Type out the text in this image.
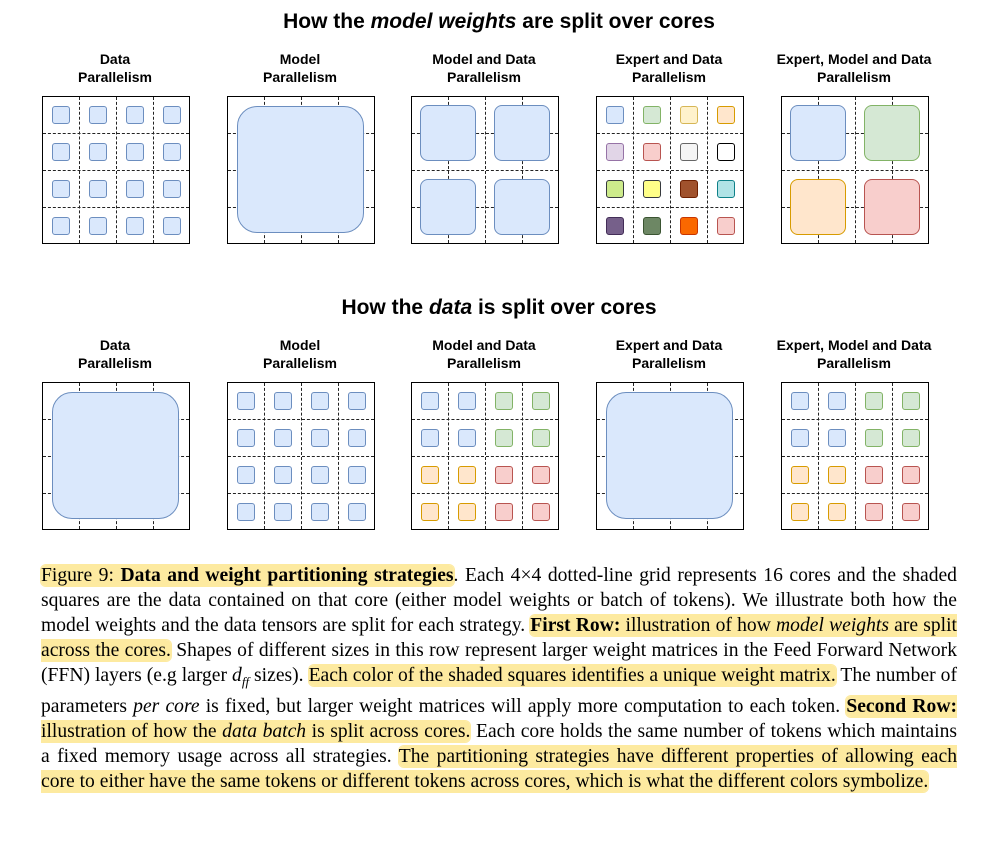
How the model weights are split over cores
Data
Parallelism
Model
Parallelism
Model and Data
Parallelism
Expert and Data
Parallelism
Expert, Model and Data
Parallelism
How the data is split over cores
Data
Parallelism
Model
Parallelism
Model and Data
Parallelism
Expert and Data
Parallelism
Expert, Model and Data
Parallelism
Figure 9: Data and weight partitioning strategies. Each 4×4 dotted-line grid represents 16 cores and the shaded squares are the data contained on that core (either model weights or batch of tokens). We illustrate both how the model weights and the data tensors are split for each strategy. First Row: illustration of how model weights are split across the cores. Shapes of different sizes in this row represent larger weight matrices in the Feed Forward Network (FFN) layers (e.g larger $d_{ff}$ sizes). Each color of the shaded squares identifies a unique weight matrix. The number of parameters per core is fixed, but larger weight matrices will apply more computation to each token. Second Row: illustration of how the data batch is split across cores. Each core holds the same number of tokens which maintains a fixed memory usage across all strategies. The partitioning strategies have different properties of allowing each core to either have the same tokens or different tokens across cores, which is what the different colors symbolize.
